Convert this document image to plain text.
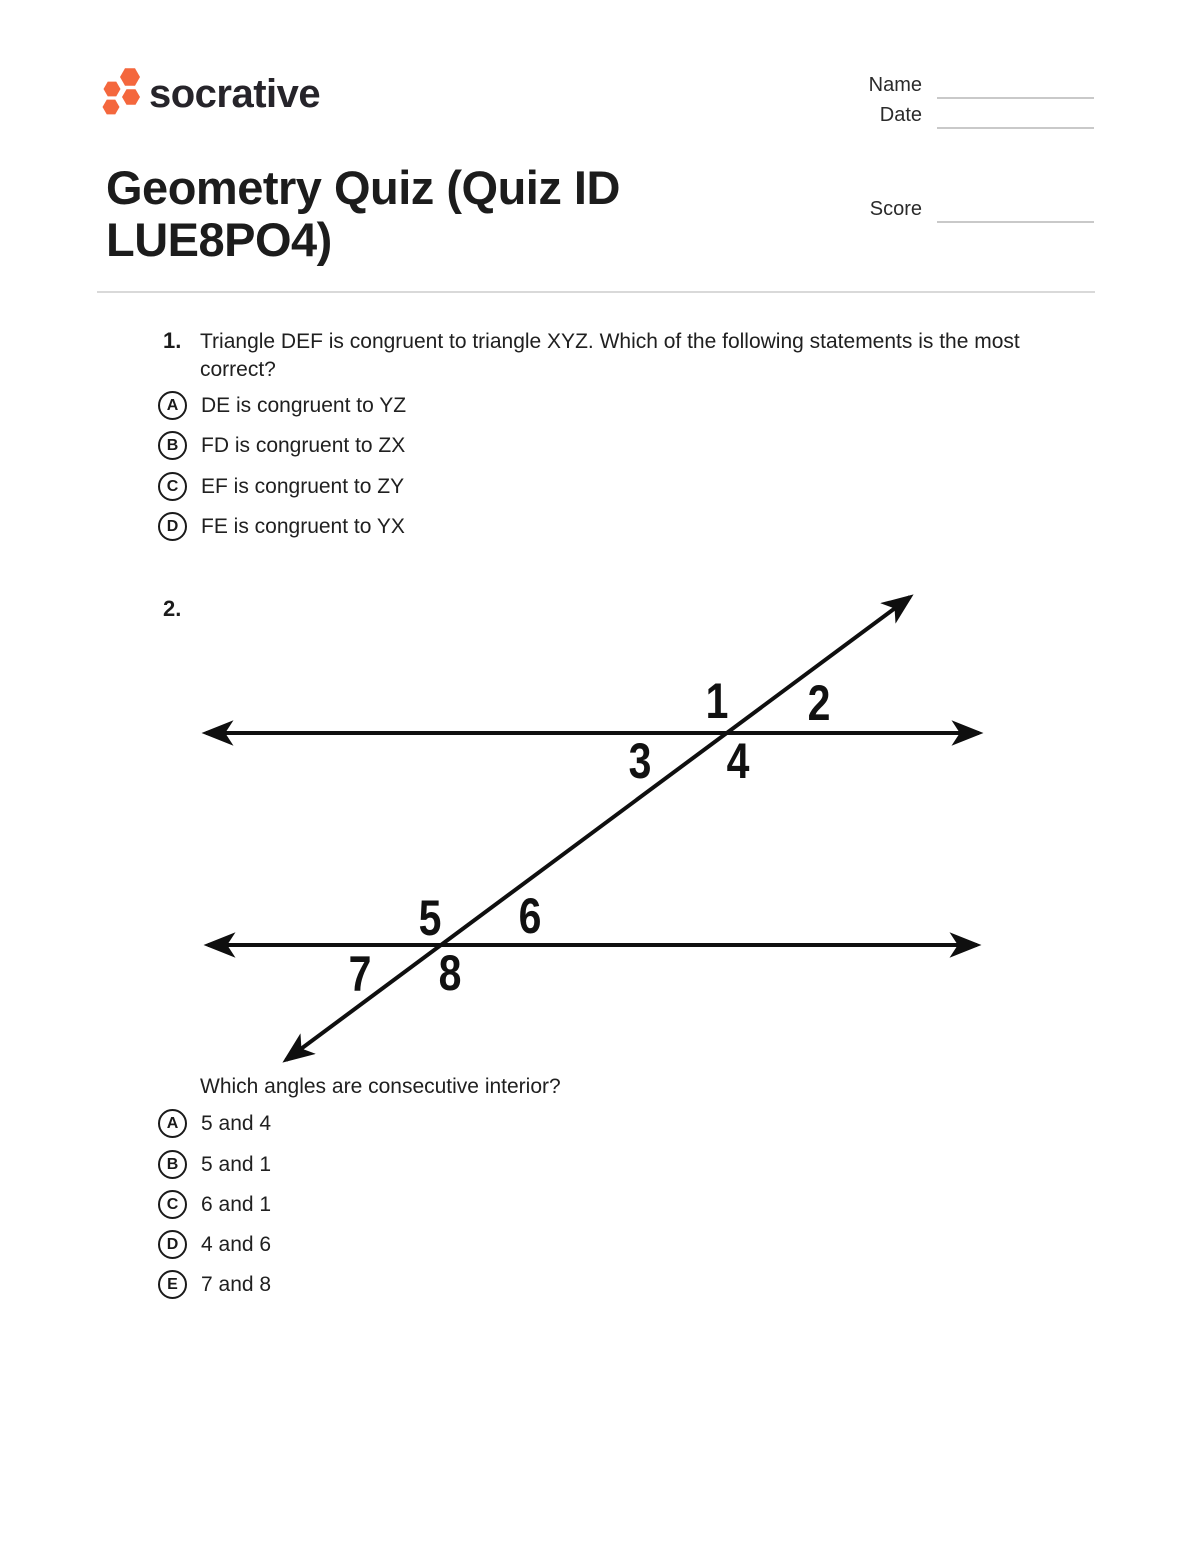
socrative	Name
Date
Score
Geometry Quiz (Quiz ID LUE8PO4)
1. Triangle DEF is congruent to triangle XYZ. Which of the following statements is the most correct?

A	DE is congruent to YZ
B	FD is congruent to ZX
C	EF is congruent to ZY
D	FE is congruent to YX
2.
1 2
3 4
5 6
7 8

Which angles are consecutive interior?

A	5 and 4
B	5 and 1
C	6 and 1
D	4 and 6
E	7 and 8
